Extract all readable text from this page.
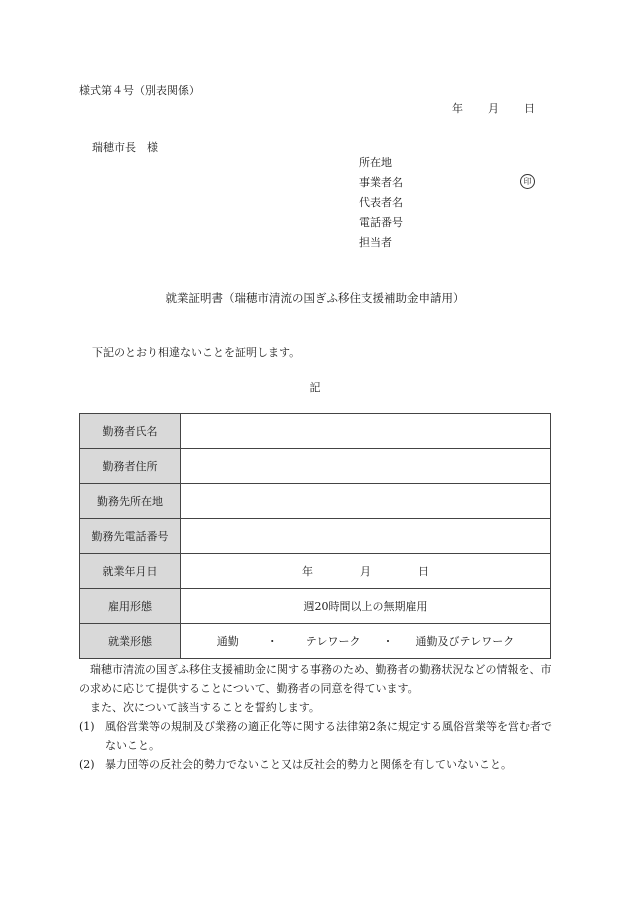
様式第４号（別表関係）
年 月 日
瑞穂市長　様
所在地
事業者名
代表者名
電話番号
担当者
印
就業証明書（瑞穂市清流の国ぎふ移住支援補助金申請用）
下記のとおり相違ないことを証明します。
記
勤務者氏名	
勤務者住所	
勤務先所在地	
勤務先電話番号	
就業年月日	年 月 日
雇用形態	週20時間以上の無期雇用
就業形態	通勤 ・ テレワーク ・ 通勤及びテレワーク

瑞穂市清流の国ぎふ移住支援補助金に関する事務のため、勤務者の勤務状況などの情報を、市の求めに応じて提供することについて、勤務者の同意を得ています。

また、次について該当することを誓約します。

(1) 風俗営業等の規制及び業務の適正化等に関する法律第2条に規定する風俗営業等を営む者でないこと。

(2) 暴力団等の反社会的勢力でないこと又は反社会的勢力と関係を有していないこと。
